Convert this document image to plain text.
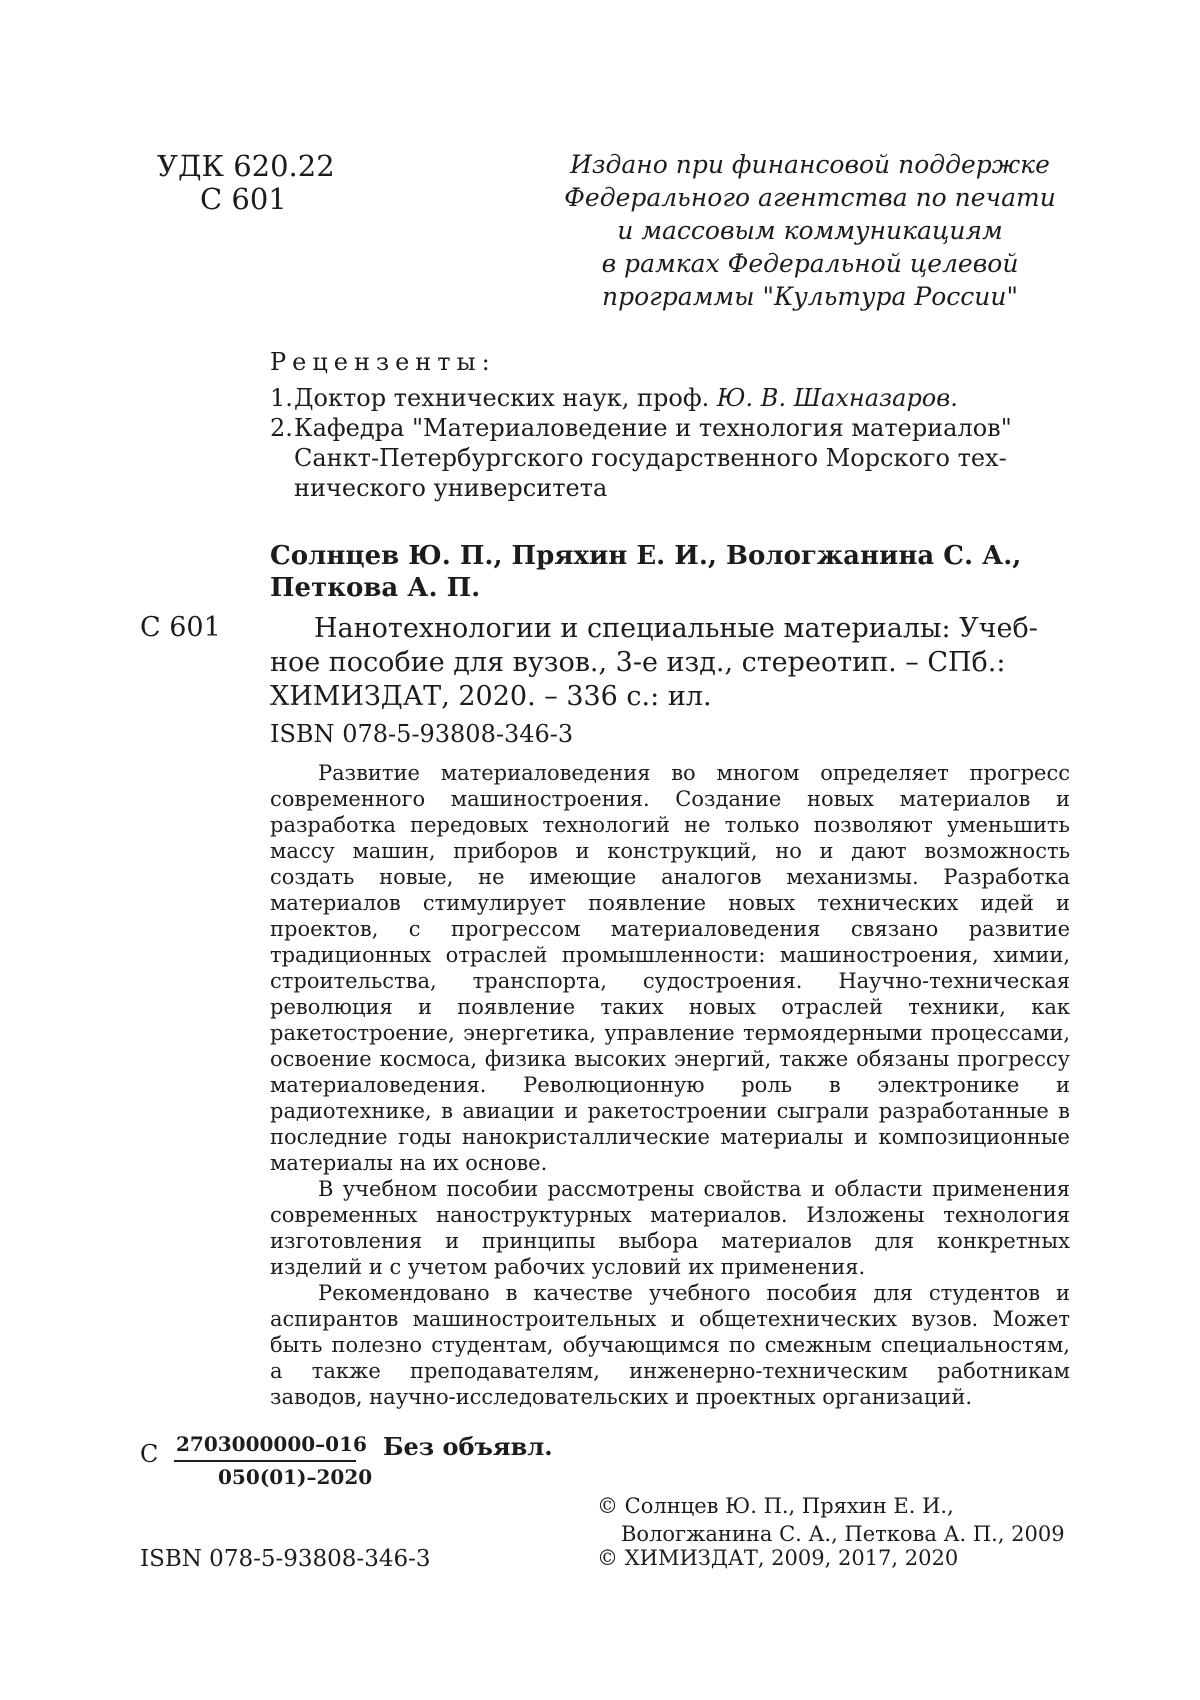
УДК 620.22
С 601
Издано при финансовой поддержке
Федерального агентства по печати
и массовым коммуникациям
в рамках Федеральной целевой
программы "Культура России"
Рецензенты:
1. Доктор технических наук, проф. Ю. В. Шахназаров.
2. Кафедра "Материаловедение и технология материалов"
Санкт-Петербургского государственного Морского тех-
нического университета
Солнцев Ю. П., Пряхин Е. И., Вологжанина С. А.,
Петкова А. П.
С 601	Нанотехнологии и специальные материалы: Учеб-
ное пособие для вузов., 3-е изд., стереотип. – СПб.:
ХИМИЗДАТ, 2020. – 336 с.: ил.
ISBN 078-5-93808-346-3

Развитие материаловедения во многом определяет прогресс современного машиностроения. Создание новых материалов и разработка передовых технологий не только позволяют уменьшить массу машин, приборов и конструкций, но и дают возможность создать новые, не имеющие аналогов механизмы. Разработка материалов стимулирует появление новых технических идей и проектов, с прогрессом материаловедения связано развитие традиционных отраслей промышленности: машиностроения, химии, строительства, транспорта, судостроения. Научно-техническая революция и появление таких новых отраслей техники, как ракетостроение, энергетика, управление термоядерными процессами, освоение космоса, физика высоких энергий, также обязаны прогрессу материаловедения. Революционную роль в электронике и радиотехнике, в авиации и ракетостроении сыграли разработанные в последние годы нанокристаллические материалы и композиционные материалы на их основе.

В учебном пособии рассмотрены свойства и области применения современных наноструктурных материалов. Изложены технология изготовления и принципы выбора материалов для конкретных изделий и с учетом рабочих условий их применения.

Рекомендовано в качестве учебного пособия для студентов и аспирантов машиностроительных и общетехнических вузов. Может быть полезно студентам, обучающимся по смежным специальностям, а также преподавателям, инженерно-техническим работникам заводов, научно-исследовательских и проектных организаций.

С 2703000000–016
050(01)–2020
Без объявл.
© Солнцев Ю. П., Пряхин Е. И.,
Вологжанина С. А., Петкова А. П., 2009
ISBN 078-5-93808-346-3	© ХИМИЗДАТ, 2009, 2017, 2020
